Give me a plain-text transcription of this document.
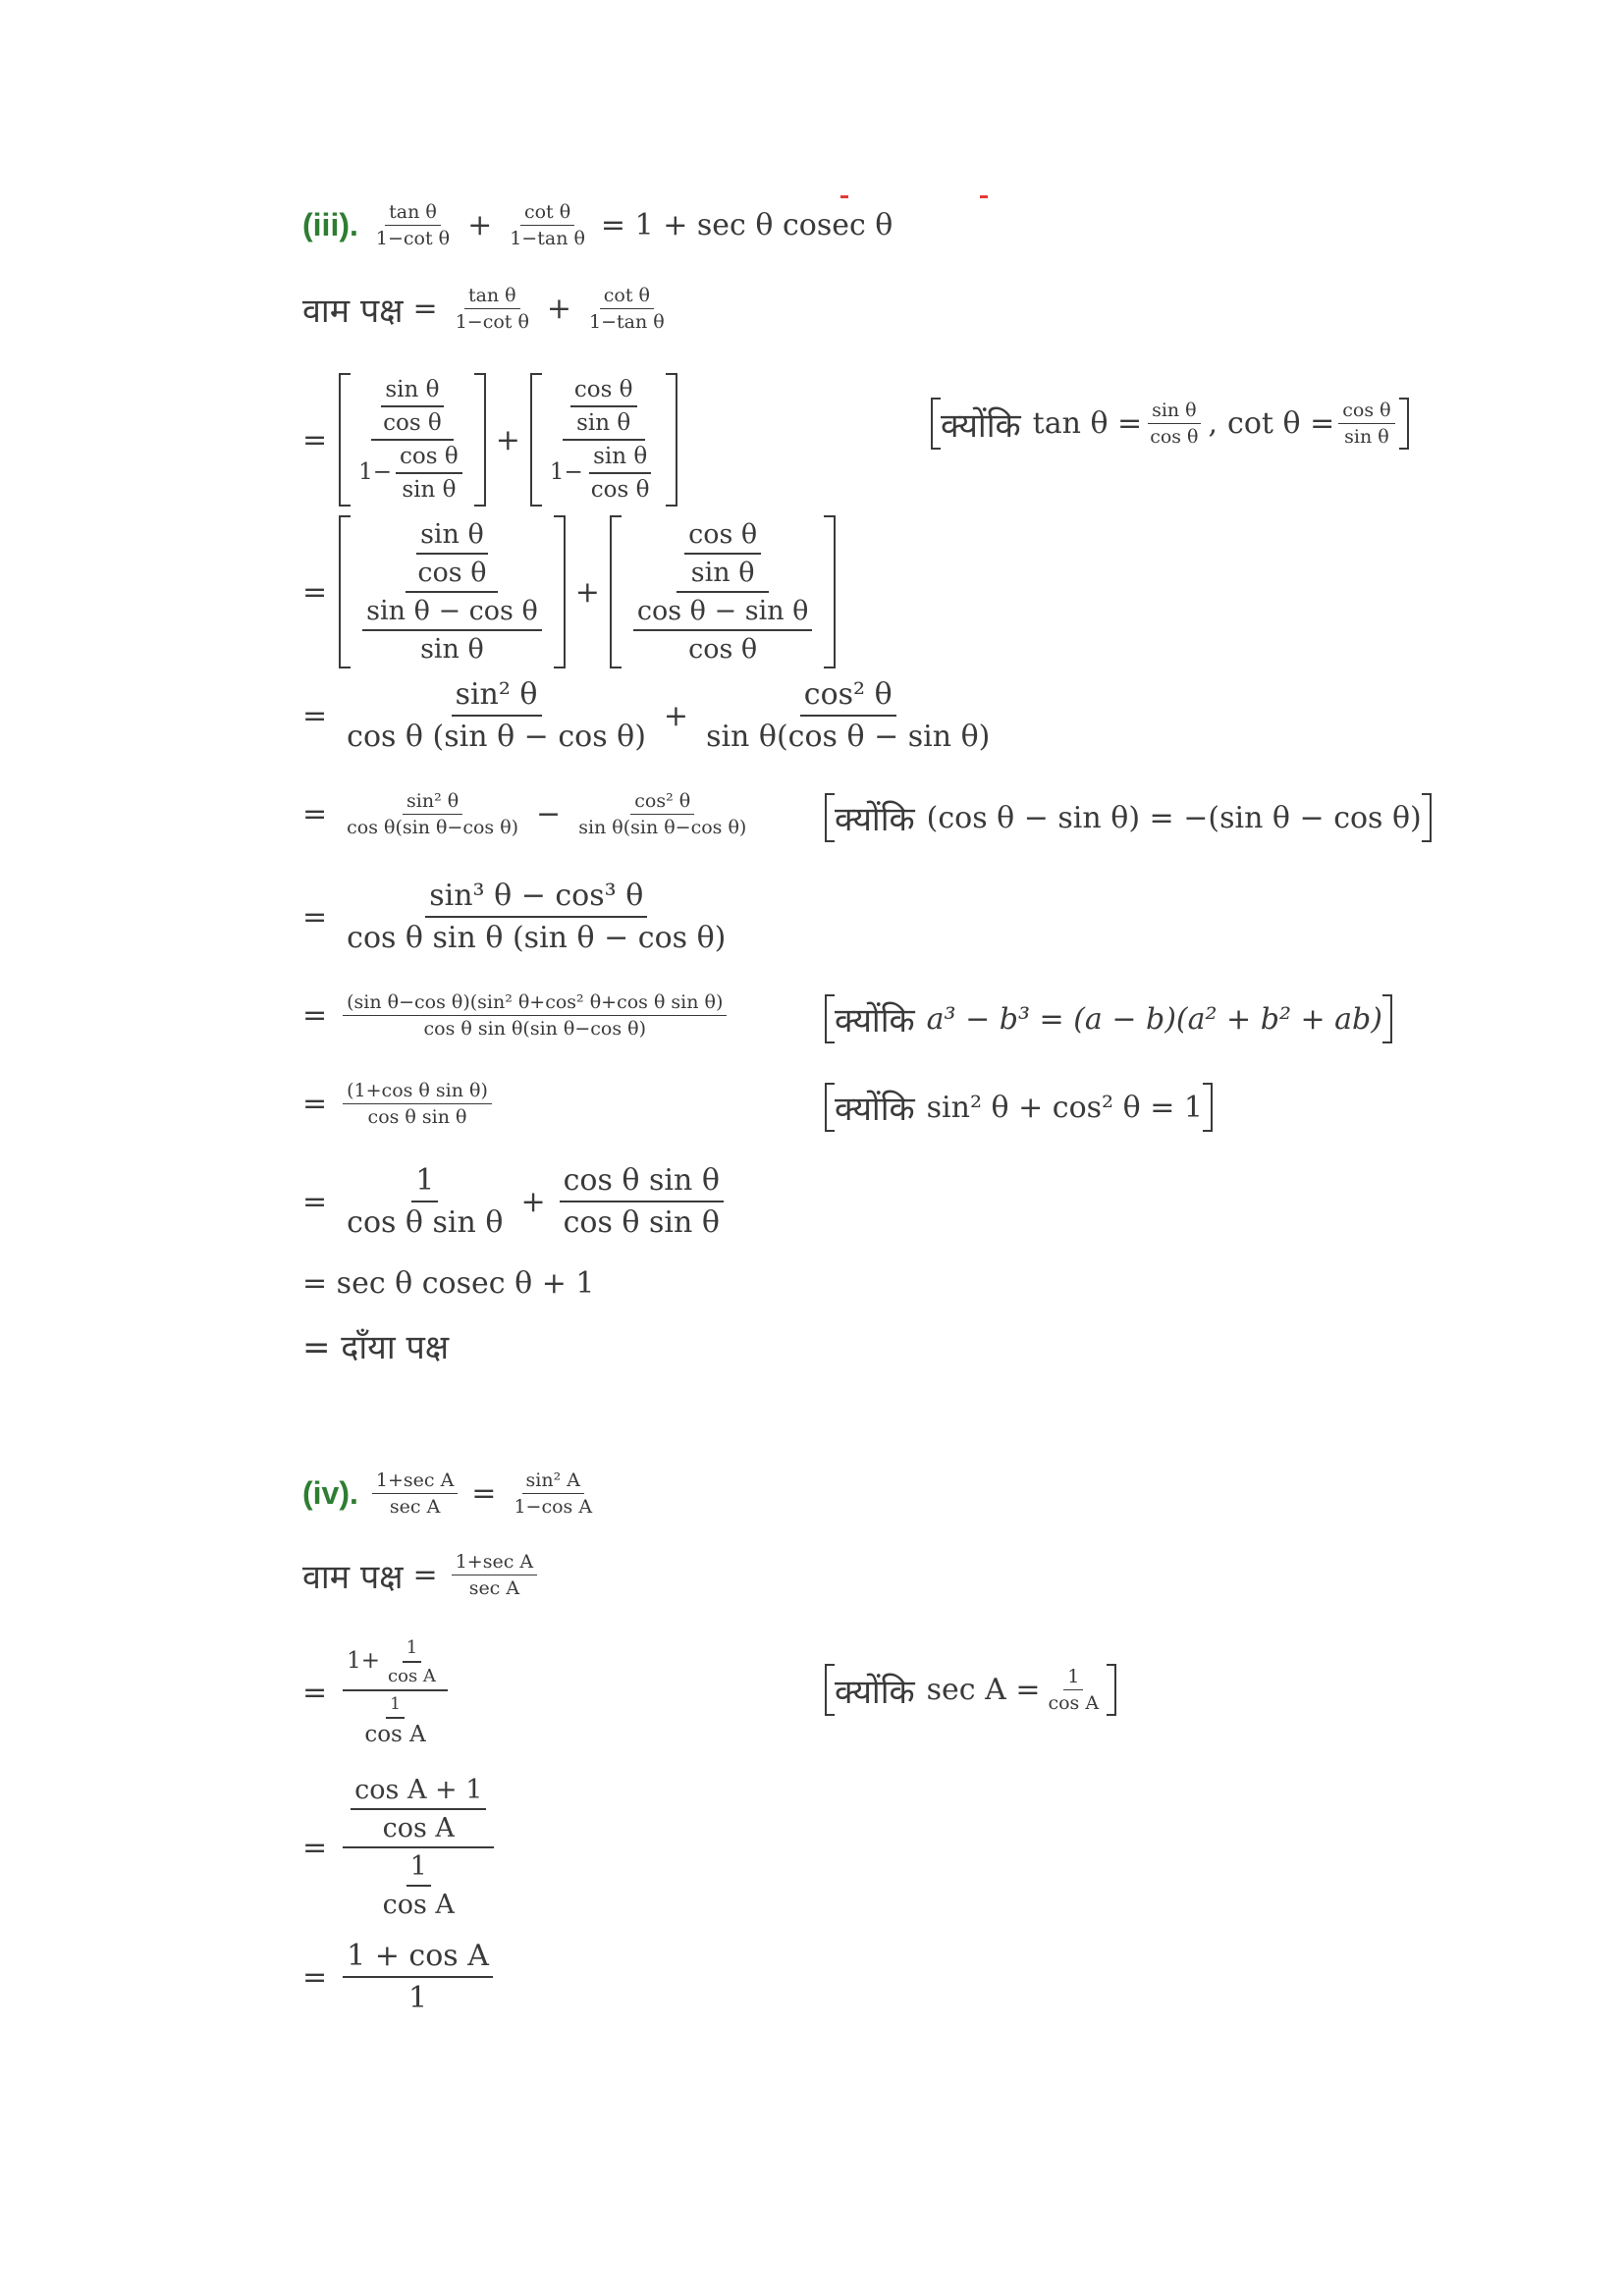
(iii). $\frac{\text{tan θ}}{\text{1−cot θ}} + \frac{\text{cot θ}}{\text{1−tan θ}} = 1 + \sec \theta$ cosec θ
वाम पक्ष = $\frac{\text{tan θ}}{\text{1−cot θ}} + \frac{\text{cot θ}}{\text{1−tan θ}}$
= $\frac{\frac{\text{sin θ}}{\text{cos θ}}}{1- \frac{\text{cos θ}}{\text{sin θ}}} + \frac{\frac{\text{cos θ}}{\text{sin θ}}}{1- \frac{\text{sin θ}}{\text{cos θ}}}$	क्योंकि $\tan \theta = \frac{\text{sin θ}}{\text{cos θ}}$ , $\cot \theta = \frac{\text{cos θ}}{\text{sin θ}}$
= $\frac{\frac{\text{sin θ}}{\text{cos θ}}}{\frac{\text{sin θ − cos θ}}{\text{sin θ}}} + \frac{\frac{\text{cos θ}}{\text{sin θ}}}{\frac{\text{cos θ − sin θ}}{\text{cos θ}}}$
= $\frac{\text{sin² θ}}{\text{cos θ (sin θ − cos θ)}} + \frac{\text{cos² θ}}{\text{sin θ(cos θ − sin θ)}}$
= $\frac{\text{sin² θ}}{\text{cos θ(sin θ−cos θ)}} - \frac{\text{cos² θ}}{\text{sin θ(sin θ−cos θ)}}$	क्योंकि (cos θ − sin θ) = −(sin θ − cos θ)
= $\frac{\text{sin³ θ − cos³ θ}}{\text{cos θ sin θ (sin θ − cos θ)}}$
= $\frac{\text{(sin θ−cos θ)(sin² θ+cos² θ+cos θ sin θ)}}{\text{cos θ sin θ(sin θ−cos θ)}}$	क्योंकि a³ − b³ = (a − b)(a² + b² + ab)
= $\frac{\text{(1+cos θ sin θ)}}{\text{cos θ sin θ}}$	क्योंकि sin² θ + cos² θ = 1
= $\frac{1}{\text{cos θ sin θ}} + \frac{\text{cos θ sin θ}}{\text{cos θ sin θ}}$
= sec θ cosec θ + 1
= दाँया पक्ष
(iv). $\frac{\text{1+sec A}}{\text{sec A}} = \frac{\text{sin² A}}{\text{1−cos A}}$
वाम पक्ष = $\frac{\text{1+sec A}}{\text{sec A}}$
= $\frac{1+ \frac{1}{\text{cos A}}}{\frac{1}{\text{cos A}}}$	क्योंकि $\sec A = \frac{1}{\text{cos A}}$
= $\frac{\frac{\text{cos A + 1}}{\text{cos A}}}{\frac{1}{\text{cos A}}}$
= $\frac{\text{1 + cos A}}{1}$
